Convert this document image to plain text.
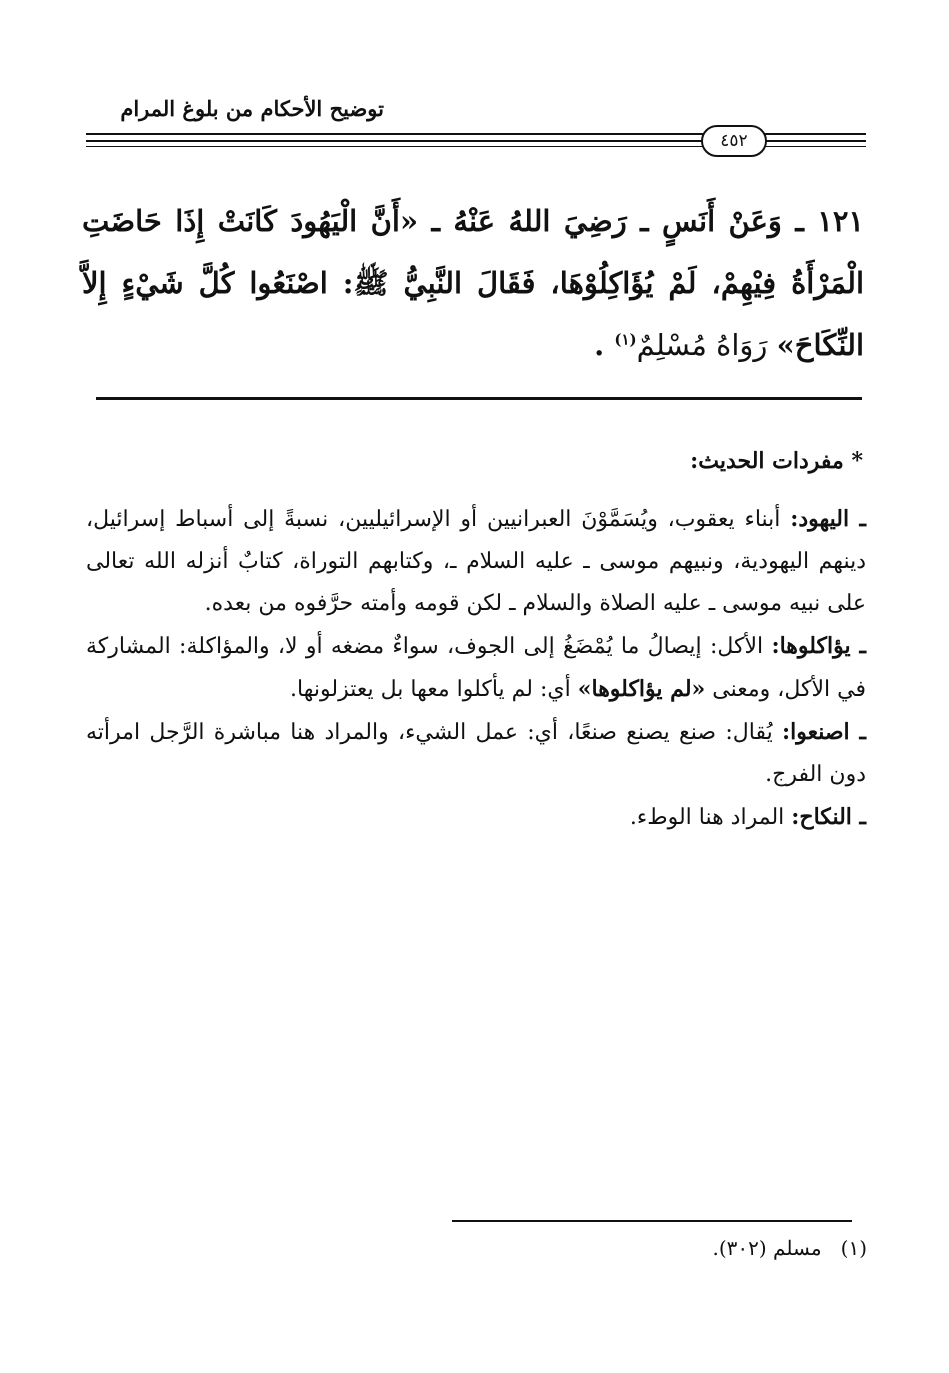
توضيح الأحكام من بلوغ المرام
٤٥٢
١٢١ ـ وَعَنْ أَنَسٍ ـ رَضِيَ اللهُ عَنْهُ ـ «أَنَّ الْيَهُودَ كَانَتْ إِذَا حَاضَتِ الْمَرْأَةُ فِيْهِمْ، لَمْ يُؤَاكِلُوْهَا، فَقَالَ النَّبِيُّ ﷺ: اصْنَعُوا كُلَّ شَيْءٍ إِلاَّ النِّكَاحَ» رَوَاهُ مُسْلِمٌ$^{(١)}$ .
* مفردات الحديث:

ـ اليهود: أبناء يعقوب، ويُسَمَّوْنَ العبرانيين أو الإسرائيليين، نسبةً إلى أسباط إسرائيل، دينهم اليهودية، ونبيهم موسى ـ عليه السلام ـ، وكتابهم التوراة، كتابٌ أنزله الله تعالى على نبيه موسى ـ عليه الصلاة والسلام ـ لكن قومه وأمته حرَّفوه من بعده.

ـ يؤاكلوها: الأكل: إيصالُ ما يُمْضَغُ إلى الجوف، سواءٌ مضغه أو لا، والمؤاكلة: المشاركة في الأكل، ومعنى «لم يؤاكلوها» أي: لم يأكلوا معها بل يعتزلونها.

ـ اصنعوا: يُقال: صنع يصنع صنعًا، أي: عمل الشيء، والمراد هنا مباشرة الرَّجل امرأته دون الفرج.

ـ النكاح: المراد هنا الوطء.

(١)   مسلم (٣٠٢).
